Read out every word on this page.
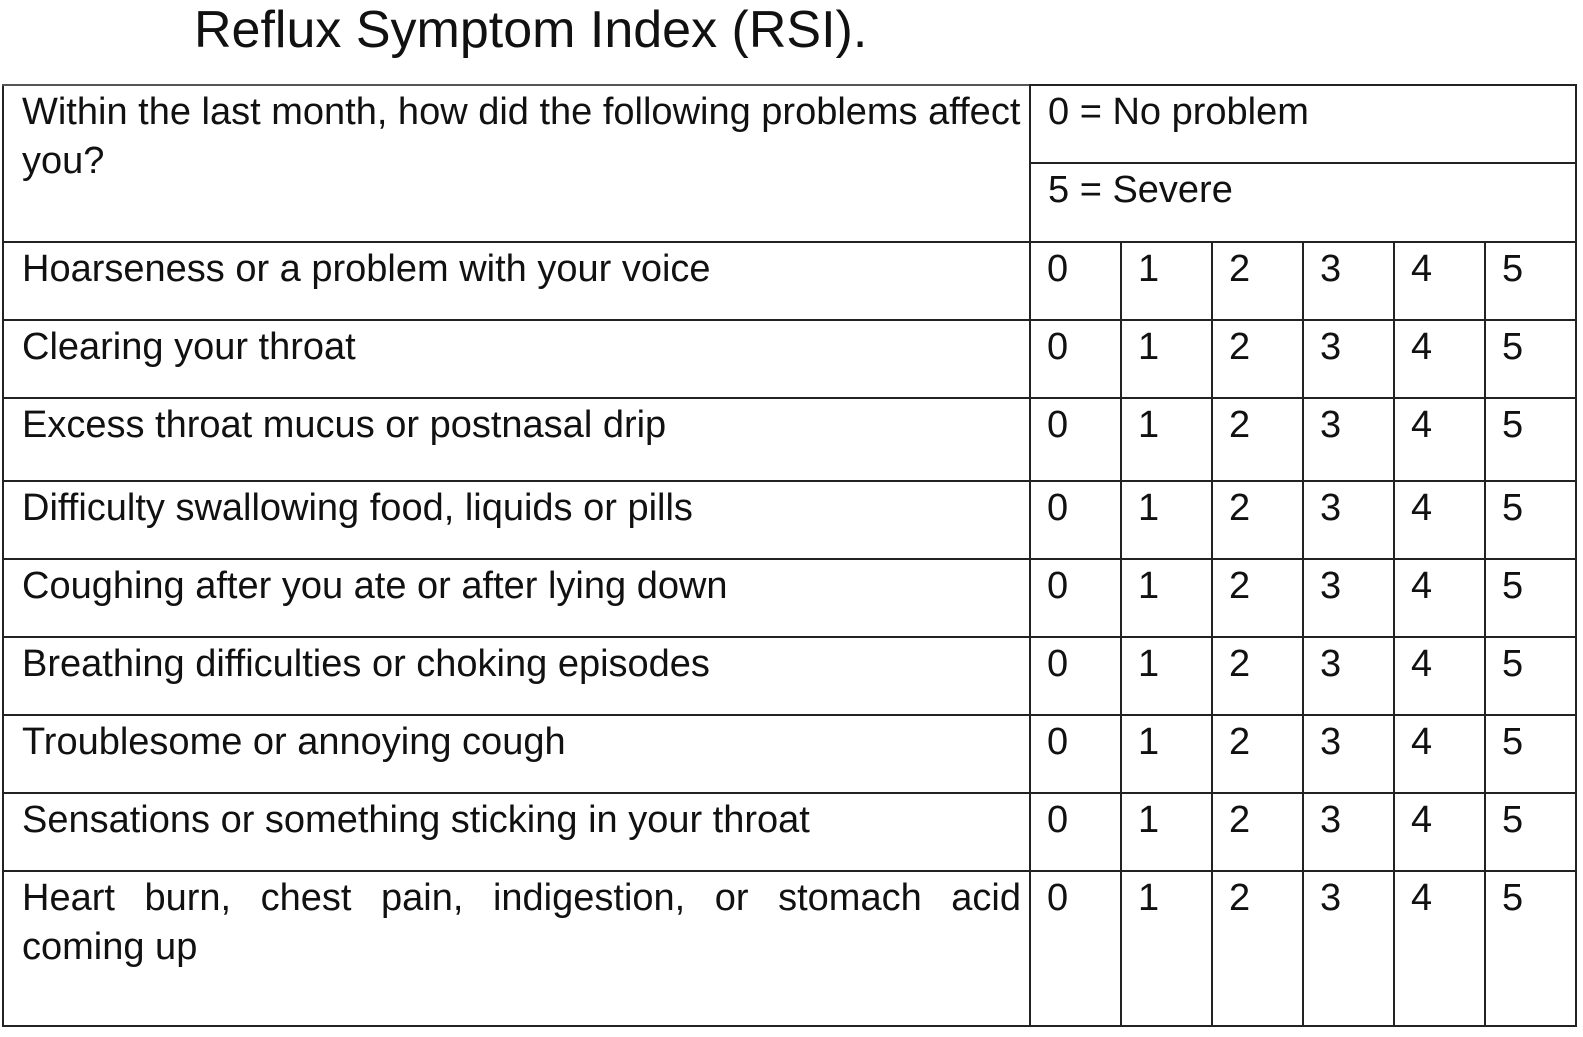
Reflux Symptom Index (RSI).
Within the last month, how did the following problems affect you?	0 = No problem					
	5 = Severe					
Hoarseness or a problem with your voice	0	1	2	3	4	5
Clearing your throat	0	1	2	3	4	5
Excess throat mucus or postnasal drip	0	1	2	3	4	5
Difficulty swallowing food, liquids or pills	0	1	2	3	4	5
Coughing after you ate or after lying down	0	1	2	3	4	5
Breathing difficulties or choking episodes	0	1	2	3	4	5
Troublesome or annoying cough	0	1	2	3	4	5
Sensations or something sticking in your throat	0	1	2	3	4	5
Heart burn, chest pain, indigestion, or stomach acid coming up	0	1	2	3	4	5
